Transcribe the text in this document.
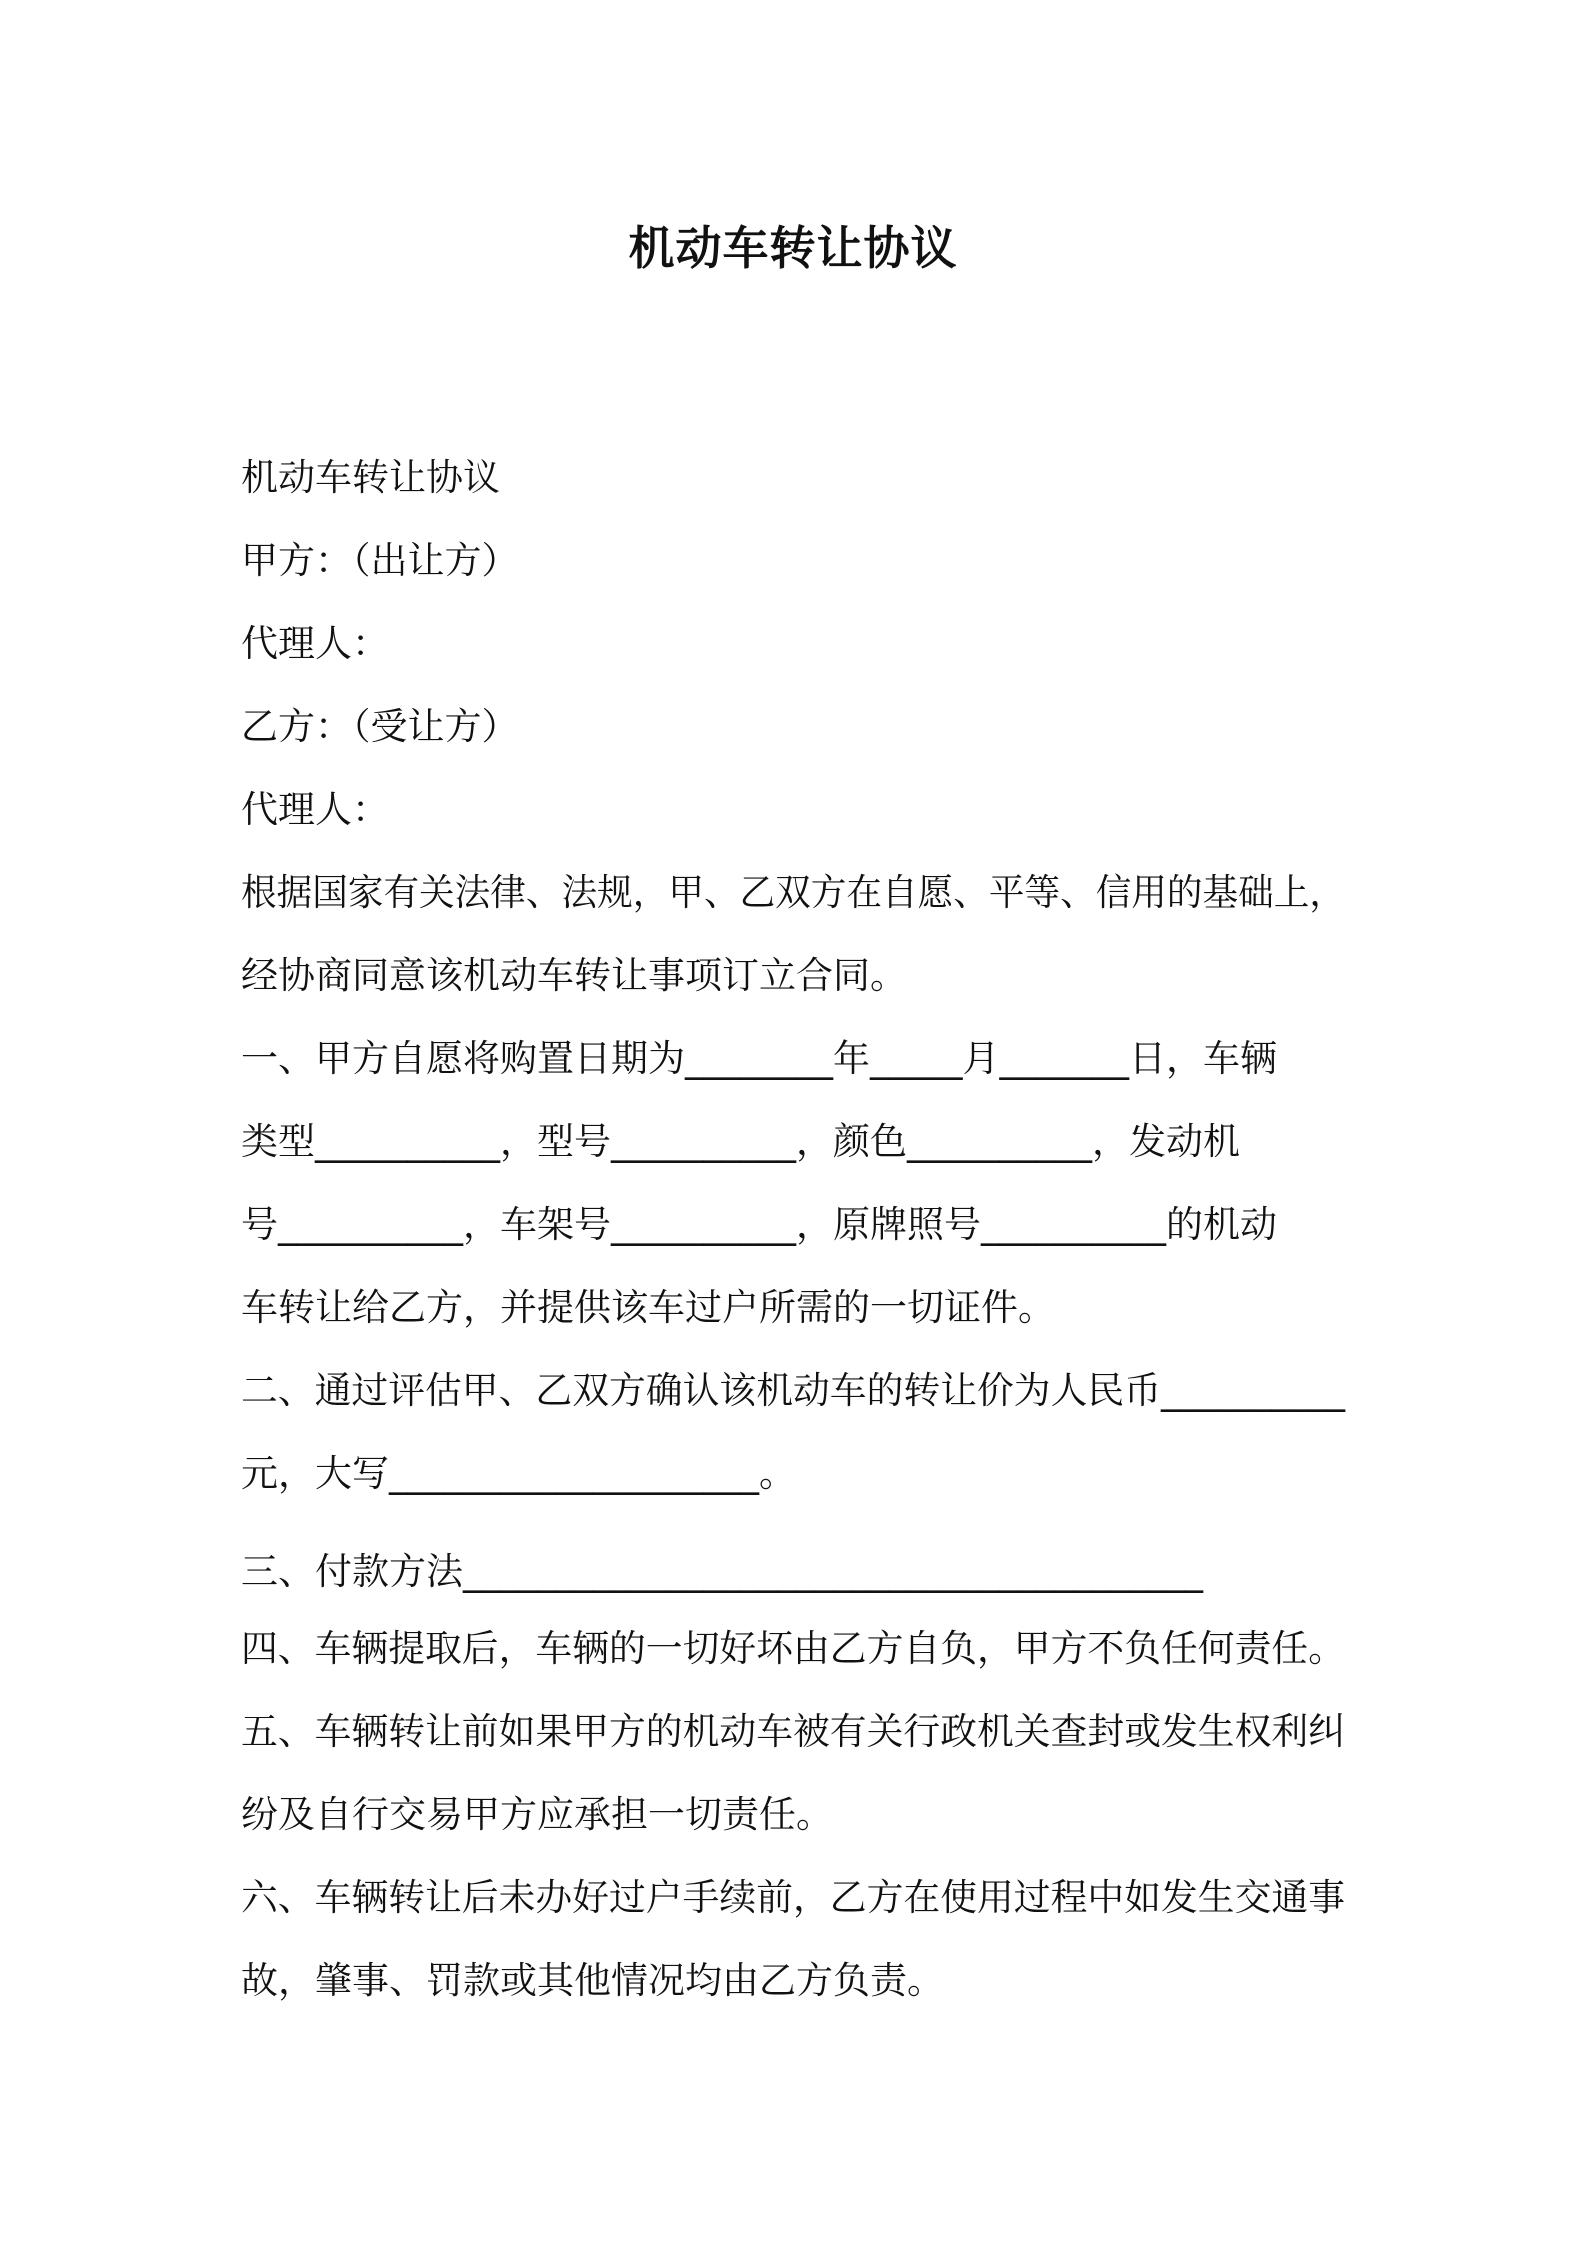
机动车转让协议
机动车转让协议
甲方：（出让方）
代理人：
乙方：（受让方）
代理人：
根据国家有关法律、法规，甲、乙双方在自愿、平等、信用的基础上，
经协商同意该机动车转让事项订立合同。
一、甲方自愿将购置日期为________年_____月_______日，车辆
类型__________，型号__________，颜色__________，发动机
号__________，车架号__________，原牌照号__________的机动
车转让给乙方，并提供该车过户所需的一切证件。
二、通过评估甲、乙双方确认该机动车的转让价为人民币__________
元，大写____________________。
三、付款方法________________________________________
四、车辆提取后，车辆的一切好坏由乙方自负，甲方不负任何责任。
五、车辆转让前如果甲方的机动车被有关行政机关查封或发生权利纠
纷及自行交易甲方应承担一切责任。
六、车辆转让后未办好过户手续前，乙方在使用过程中如发生交通事
故，肇事、罚款或其他情况均由乙方负责。
